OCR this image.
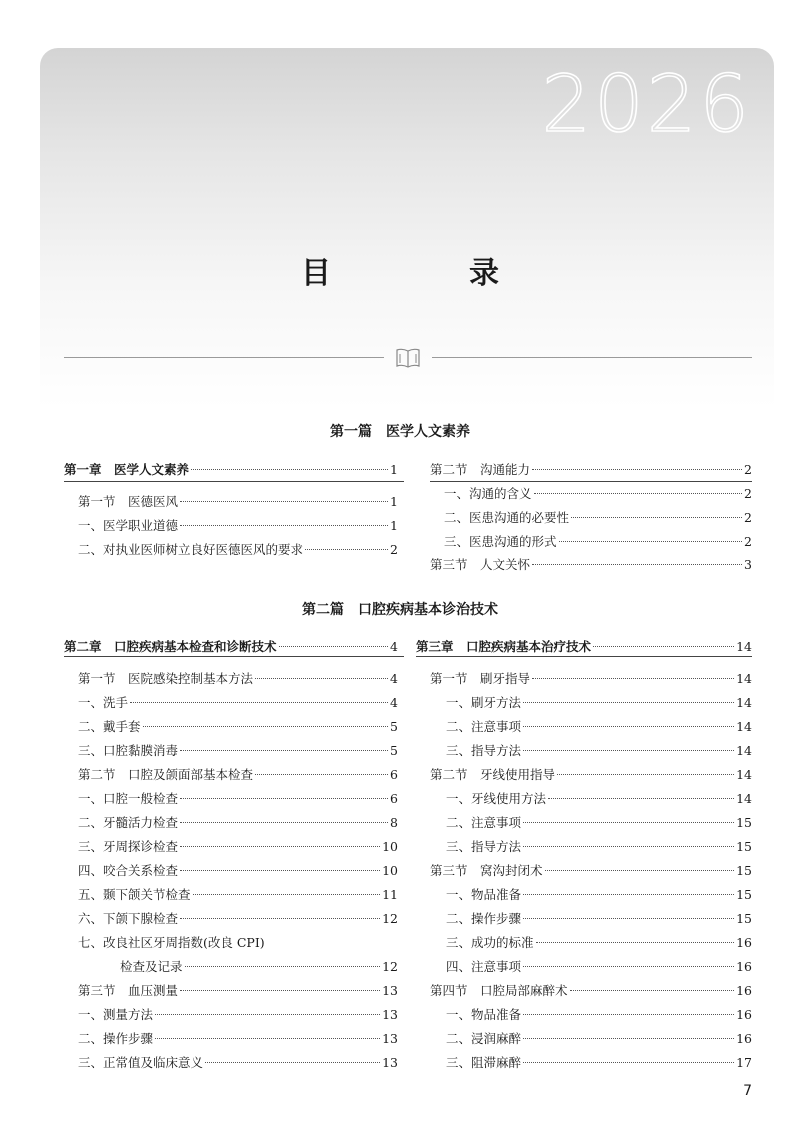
2026
目　录
第一篇　医学人文素养
第二篇　口腔疾病基本诊治技术
第一章　医学人文素养	1
第一节　医德医风	1
一、医学职业道德	1
二、对执业医师树立良好医德医风的要求	2
第二节　沟通能力	2
一、沟通的含义	2
二、医患沟通的必要性	2
三、医患沟通的形式	2
第三节　人文关怀	3
第二章　口腔疾病基本检查和诊断技术	4
第一节　医院感染控制基本方法	4
一、洗手	4
二、戴手套	5
三、口腔黏膜消毒	5
第二节　口腔及颌面部基本检查	6
一、口腔一般检查	6
二、牙髓活力检查	8
三、牙周探诊检查	10
四、咬合关系检查	10
五、颞下颌关节检查	11
六、下颌下腺检查	12
七、改良社区牙周指数(改良 CPI)
检查及记录	12
第三节　血压测量	13
一、测量方法	13
二、操作步骤	13
三、正常值及临床意义	13
第三章　口腔疾病基本治疗技术	14
第一节　刷牙指导	14
一、刷牙方法	14
二、注意事项	14
三、指导方法	14
第二节　牙线使用指导	14
一、牙线使用方法	14
二、注意事项	15
三、指导方法	15
第三节　窝沟封闭术	15
一、物品准备	15
二、操作步骤	15
三、成功的标准	16
四、注意事项	16
第四节　口腔局部麻醉术	16
一、物品准备	16
二、浸润麻醉	16
三、阻滞麻醉	17
7
